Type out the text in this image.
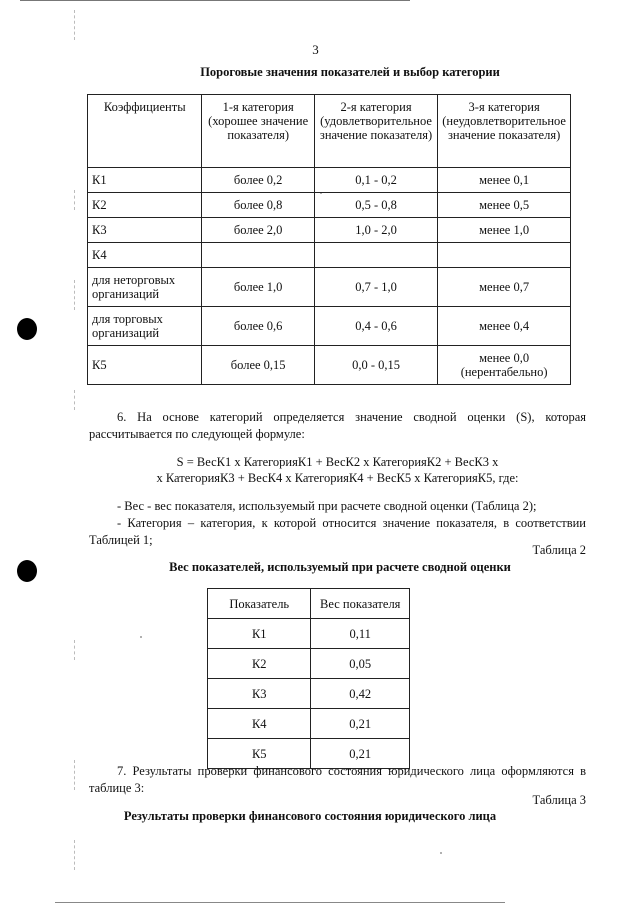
3
Пороговые значения показателей и выбор категории
Коэффициенты	1-я категория (хорошее значение показателя)	2-я категория (удовлетворительное значение показателя)	3-я категория (неудовлетворительное значение показателя)
К1	более 0,2	0,1 - 0,2	менее 0,1
К2	более 0,8	0,5 - 0,8	менее 0,5
К3	более 2,0	1,0 - 2,0	менее 1,0
К4			
для неторговых организаций	более 1,0	0,7 - 1,0	менее 0,7
для торговых организаций	более 0,6	0,4 - 0,6	менее 0,4
К5	более 0,15	0,0 - 0,15	менее 0,0 (нерентабельно)
6. На основе категорий определяется значение сводной оценки (S), которая рассчитывается по следующей формуле:
S = ВесК1 x КатегорияК1 + ВесК2 x КатегорияК2 + ВесК3 x
x КатегорияК3 + ВесК4 x КатегорияК4 + ВесК5 x КатегорияК5, где:
- Вес - вес показателя, используемый при расчете сводной оценки (Таблица 2);
- Категория – категория, к которой относится значение показателя, в соответствии Таблицей 1;
Таблица 2
Вес показателей, используемый при расчете сводной оценки
Показатель	Вес показателя
К1	0,11
К2	0,05
К3	0,42
К4	0,21
К5	0,21
7. Результаты проверки финансового состояния юридического лица оформляются в таблице 3:
Таблица 3
Результаты проверки финансового состояния юридического лица
